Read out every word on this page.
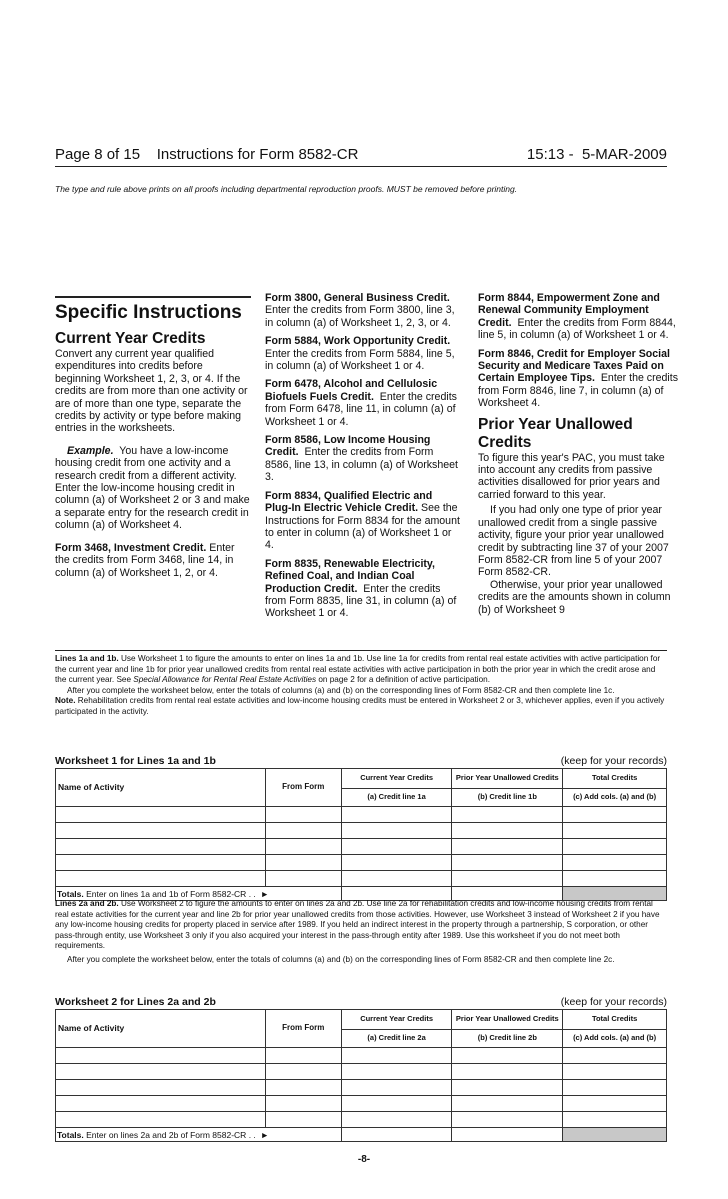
Page 8 of 15    Instructions for Form 8582-CR	15:13 -  5-MAR-2009
The type and rule above prints on all proofs including departmental reproduction proofs. MUST be removed before printing.

Specific Instructions

Current Year Credits

Convert any current year qualified expenditures into credits before beginning Worksheet 1, 2, 3, or 4. If the credits are from more than one activity or are of more than one type, separate the credits by activity or type before making entries in the worksheets.

Example. You have a low-income housing credit from one activity and a research credit from a different activity. Enter the low-income housing credit in column (a) of Worksheet 2 or 3 and make a separate entry for the research credit in column (a) of Worksheet 4.

Form 3468, Investment Credit. Enter the credits from Form 3468, line 14, in column (a) of Worksheet 1, 2, or 4.

Form 3800, General Business Credit.  Enter the credits from Form 3800, line 3, in column (a) of Worksheet 1, 2, 3, or 4.

Form 5884, Work Opportunity Credit.  Enter the credits from Form 5884, line 5, in column (a) of Worksheet 1 or 4.

Form 6478, Alcohol and Cellulosic Biofuels Fuels Credit. Enter the credits from Form 6478, line 11, in column (a) of Worksheet 1 or 4.

Form 8586, Low Income Housing Credit. Enter the credits from Form 8586, line 13, in column (a) of Worksheet 3.

Form 8834, Qualified Electric and Plug-In Electric Vehicle Credit. See the Instructions for Form 8834 for the amount to enter in column (a) of Worksheet 1 or 4.

Form 8835, Renewable Electricity, Refined Coal, and Indian Coal Production Credit. Enter the credits from Form 8835, line 31, in column (a) of Worksheet 1 or 4.

Form 8844, Empowerment Zone and Renewal Community Employment Credit. Enter the credits from Form 8844, line 5, in column (a) of Worksheet 1 or 4.

Form 8846, Credit for Employer Social Security and Medicare Taxes Paid on Certain Employee Tips. Enter the credits from Form 8846, line 7, in column (a) of Worksheet 4.

Prior Year Unallowed Credits

To figure this year's PAC, you must take into account any credits from passive activities disallowed for prior years and carried forward to this year.

If you had only one type of prior year unallowed credit from a single passive activity, figure your prior year unallowed credit by subtracting line 37 of your 2007 Form 8582-CR from line 5 of your 2007 Form 8582-CR.

Otherwise, your prior year unallowed credits are the amounts shown in column (b) of Worksheet 9

Lines 1a and 1b. Use Worksheet 1 to figure the amounts to enter on lines 1a and 1b. Use line 1a for credits from rental real estate activities with active participation for the current year and line 1b for prior year unallowed credits from rental real estate activities with active participation in both the prior year in which the credit arose and the current year. See Special Allowance for Rental Real Estate Activities on page 2 for a definition of active participation.

After you complete the worksheet below, enter the totals of columns (a) and (b) on the corresponding lines of Form 8582-CR and then complete line 1c.

Note. Rehabilitation credits from rental real estate activities and low-income housing credits must be entered in Worksheet 2 or 3, whichever applies, even if you actively participated in the activity.

Worksheet 1 for Lines 1a and 1b	(keep for your records)
Name of Activity	From Form	Current Year Credits	Prior Year Unallowed Credits	Total Credits
		(a) Credit line 1a	(b) Credit line 1b	(c) Add cols. (a) and (b)

Totals. Enter on lines 1a and 1b of Form 8582-CR . .  ►				

Lines 2a and 2b. Use Worksheet 2 to figure the amounts to enter on lines 2a and 2b. Use line 2a for rehabilitation credits and low-income housing credits from rental real estate activities for the current year and line 2b for prior year unallowed credits from those activities. However, use Worksheet 3 instead of Worksheet 2 if you have any low-income housing credits for property placed in service after 1989. If you held an indirect interest in the property through a partnership, S corporation, or other pass-through entity, use Worksheet 3 only if you also acquired your interest in the pass-through entity after 1989. Use this worksheet if you do not meet both requirements.

After you complete the worksheet below, enter the totals of columns (a) and (b) on the corresponding lines of Form 8582-CR and then complete line 2c.

Worksheet 2 for Lines 2a and 2b	(keep for your records)
Name of Activity	From Form	Current Year Credits	Prior Year Unallowed Credits	Total Credits
		(a) Credit line 2a	(b) Credit line 2b	(c) Add cols. (a) and (b)

Totals. Enter on lines 2a and 2b of Form 8582-CR . .  ►				
-8-
